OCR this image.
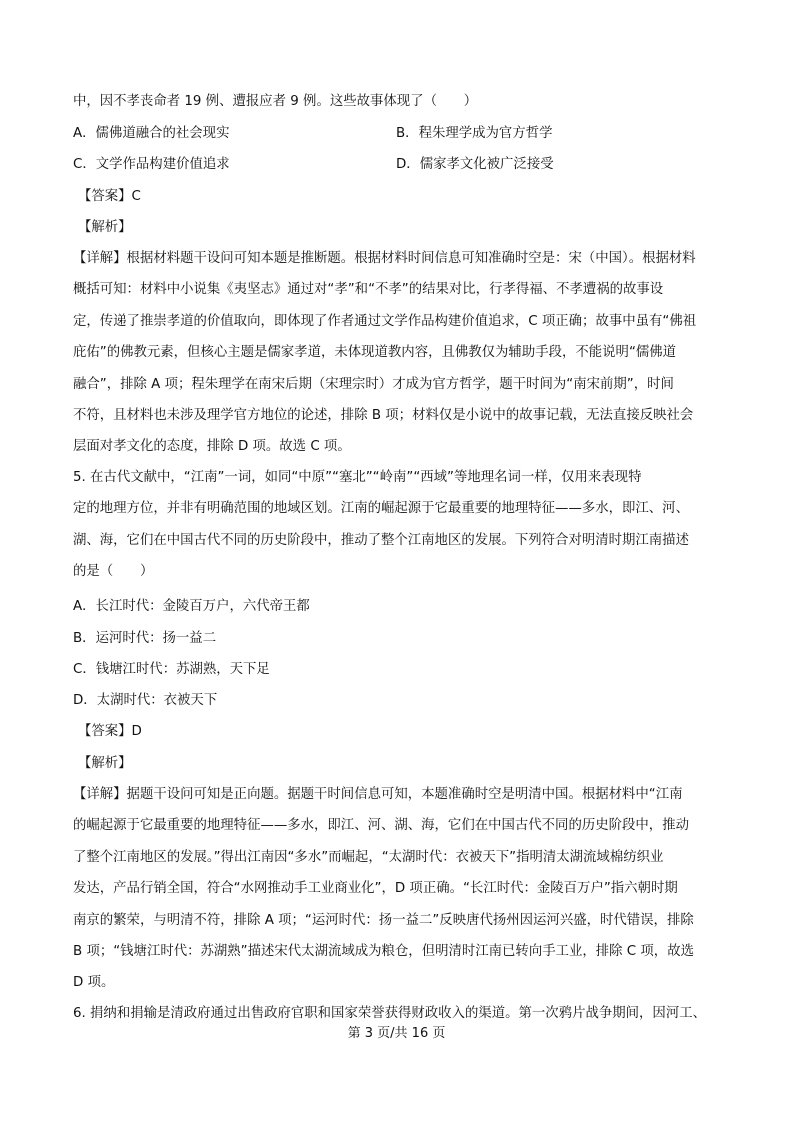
中，因不孝丧命者 19 例、遭报应者 9 例。这些故事体现了（　　）
A．儒佛道融合的社会现实	B．程朱理学成为官方哲学
C．文学作品构建价值追求	D．儒家孝文化被广泛接受
【答案】C
【解析】

【详解】根据材料题干设问可知本题是推断题。根据材料时间信息可知准确时空是：宋（中国）。根据材料

概括可知：材料中小说集《夷坚志》通过对“孝”和“不孝”的结果对比，行孝得福、不孝遭祸的故事设

定，传递了推崇孝道的价值取向，即体现了作者通过文学作品构建价值追求，C 项正确；故事中虽有“佛祖

庇佑”的佛教元素，但核心主题是儒家孝道，未体现道教内容，且佛教仅为辅助手段，不能说明“儒佛道

融合”，排除 A 项；程朱理学在南宋后期（宋理宗时）才成为官方哲学，题干时间为“南宋前期”，时间

不符，且材料也未涉及理学官方地位的论述，排除 B 项；材料仅是小说中的故事记载，无法直接反映社会

层面对孝文化的态度，排除 D 项。故选 C 项。

5. 在古代文献中，“江南”一词，如同“中原”“塞北”“岭南”“西域”等地理名词一样，仅用来表现特

定的地理方位，并非有明确范围的地域区划。江南的崛起源于它最重要的地理特征——多水，即江、河、

湖、海，它们在中国古代不同的历史阶段中，推动了整个江南地区的发展。下列符合对明清时期江南描述

的是（　　）

A．长江时代：金陵百万户，六代帝王都
B．运河时代：扬一益二
C．钱塘江时代：苏湖熟，天下足
D．太湖时代：衣被天下
【答案】D
【解析】

【详解】据题干设问可知是正向题。据题干时间信息可知，本题准确时空是明清中国。根据材料中“江南

的崛起源于它最重要的地理特征——多水，即江、河、湖、海，它们在中国古代不同的历史阶段中，推动

了整个江南地区的发展。”得出江南因“多水”而崛起，“太湖时代：衣被天下”指明清太湖流域棉纺织业

发达，产品行销全国，符合“水网推动手工业商业化”，D 项正确。“长江时代：金陵百万户”指六朝时期

南京的繁荣，与明清不符，排除 A 项；“运河时代：扬一益二”反映唐代扬州因运河兴盛，时代错误，排除

B 项；“钱塘江时代：苏湖熟”描述宋代太湖流域成为粮仓，但明清时江南已转向手工业，排除 C 项，故选

D 项。

6. 捐纳和捐输是清政府通过出售政府官职和国家荣誉获得财政收入的渠道。第一次鸦片战争期间，因河工、

第 3 页/共 16 页
